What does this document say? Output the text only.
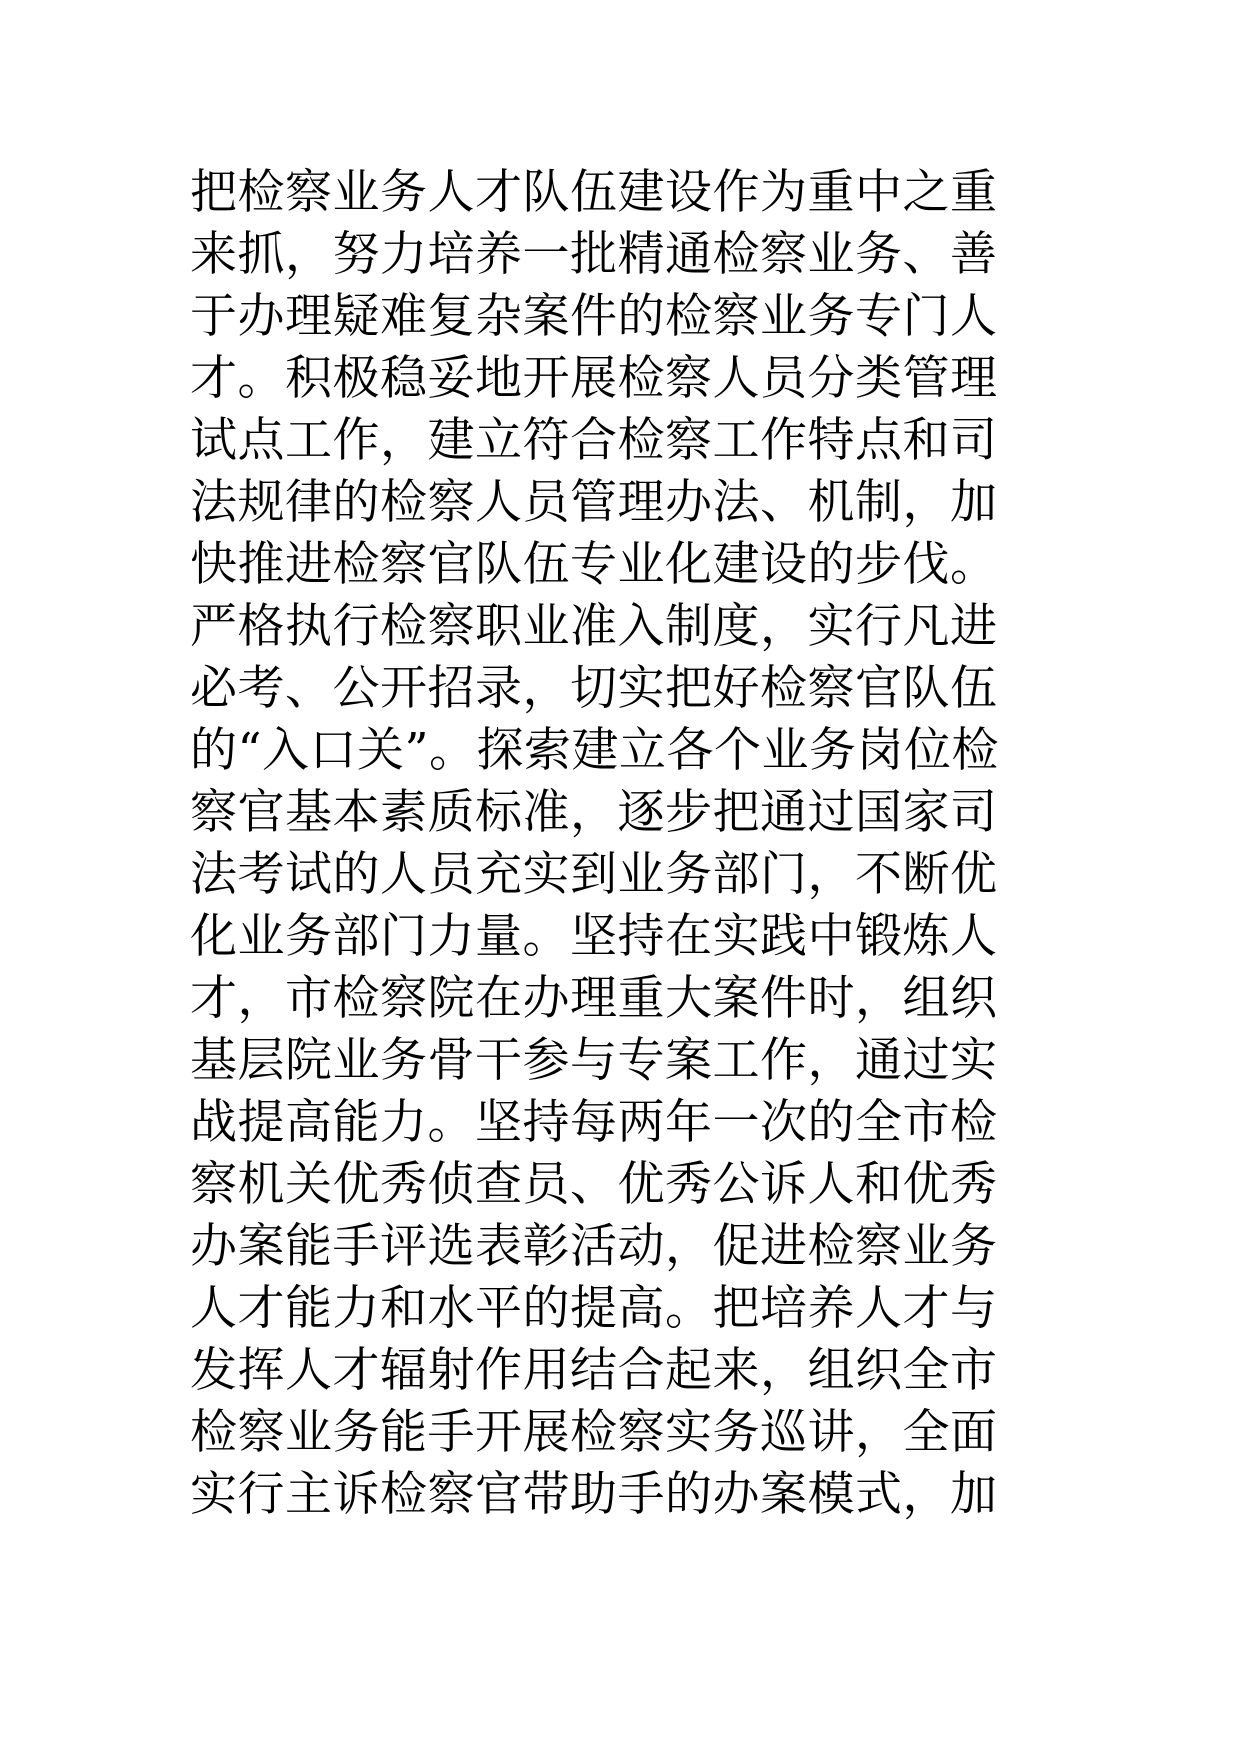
把检察业务人才队伍建设作为重中之重
来抓，努力培养一批精通检察业务、善
于办理疑难复杂案件的检察业务专门人
才。积极稳妥地开展检察人员分类管理
试点工作，建立符合检察工作特点和司
法规律的检察人员管理办法、机制，加
快推进检察官队伍专业化建设的步伐。
严格执行检察职业准入制度，实行凡进
必考、公开招录，切实把好检察官队伍
的“入口关”。探索建立各个业务岗位检
察官基本素质标准，逐步把通过国家司
法考试的人员充实到业务部门，不断优
化业务部门力量。坚持在实践中锻炼人
才，市检察院在办理重大案件时，组织
基层院业务骨干参与专案工作，通过实
战提高能力。坚持每两年一次的全市检
察机关优秀侦查员、优秀公诉人和优秀
办案能手评选表彰活动，促进检察业务
人才能力和水平的提高。把培养人才与
发挥人才辐射作用结合起来，组织全市
检察业务能手开展检察实务巡讲，全面
实行主诉检察官带助手的办案模式，加
